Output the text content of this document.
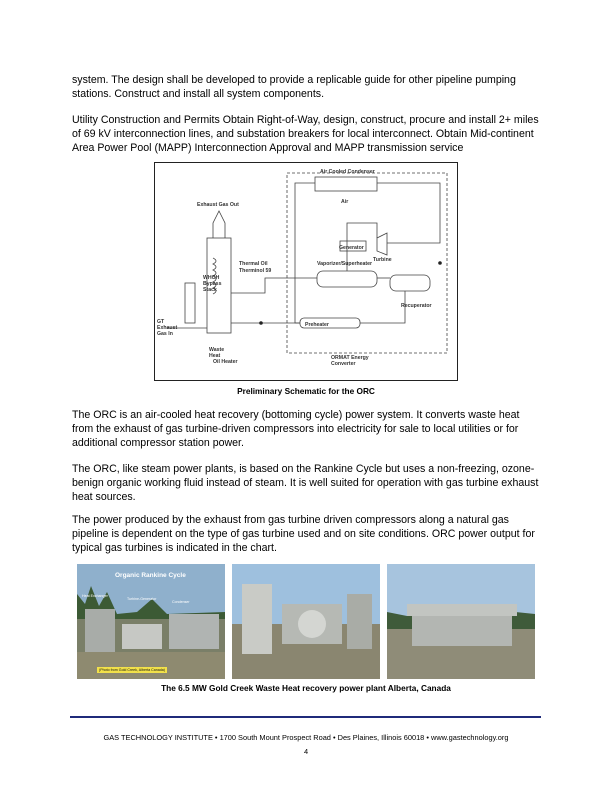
system. The design shall be developed to provide a replicable guide for other pipeline pumping stations. Construct and install all system components.

Utility Construction and Permits Obtain Right-of-Way, design, construct, procure and install 2+ miles of 69 kV interconnection lines, and substation breakers for local interconnect. Obtain Mid-continent Area Power Pool (MAPP) Interconnection Approval and MAPP transmission service

Air Cooled Condenser
Air
Exhaust Gas Out
Generator
Turbine
Thermal Oil
Therminol 59
Vaporizer/Superheater
WHOH
Bypass
Stack
Recuperator
GT
Exhaust
Gas In
Preheater
Waste
Heat
Oil Heater
ORMAT Energy
Converter

Preliminary Schematic for the ORC

The ORC is an air-cooled heat recovery (bottoming cycle) power system. It converts waste heat from the exhaust of gas turbine-driven compressors into electricity for sale to local utilities or for additional compressor station power.

The ORC, like steam power plants, is based on the Rankine Cycle but uses a non-freezing, ozone-benign organic working fluid instead of steam. It is well suited for operation with gas turbine exhaust heat sources.

The power produced by the exhaust from gas turbine driven compressors along a natural gas pipeline is dependent on the type of gas turbine used and on site conditions. ORC power output for typical gas turbines is indicated in the chart.

Organic Rankine Cycle
Heat Exchanger
Turbine-Generator
Condenser
(Photo from Gold Creek, Alberta Canada)

The 6.5 MW Gold Creek Waste Heat recovery power plant Alberta, Canada

GAS TECHNOLOGY INSTITUTE • 1700 South Mount Prospect Road • Des Plaines, Illinois 60018 • www.gastechnology.org

4
